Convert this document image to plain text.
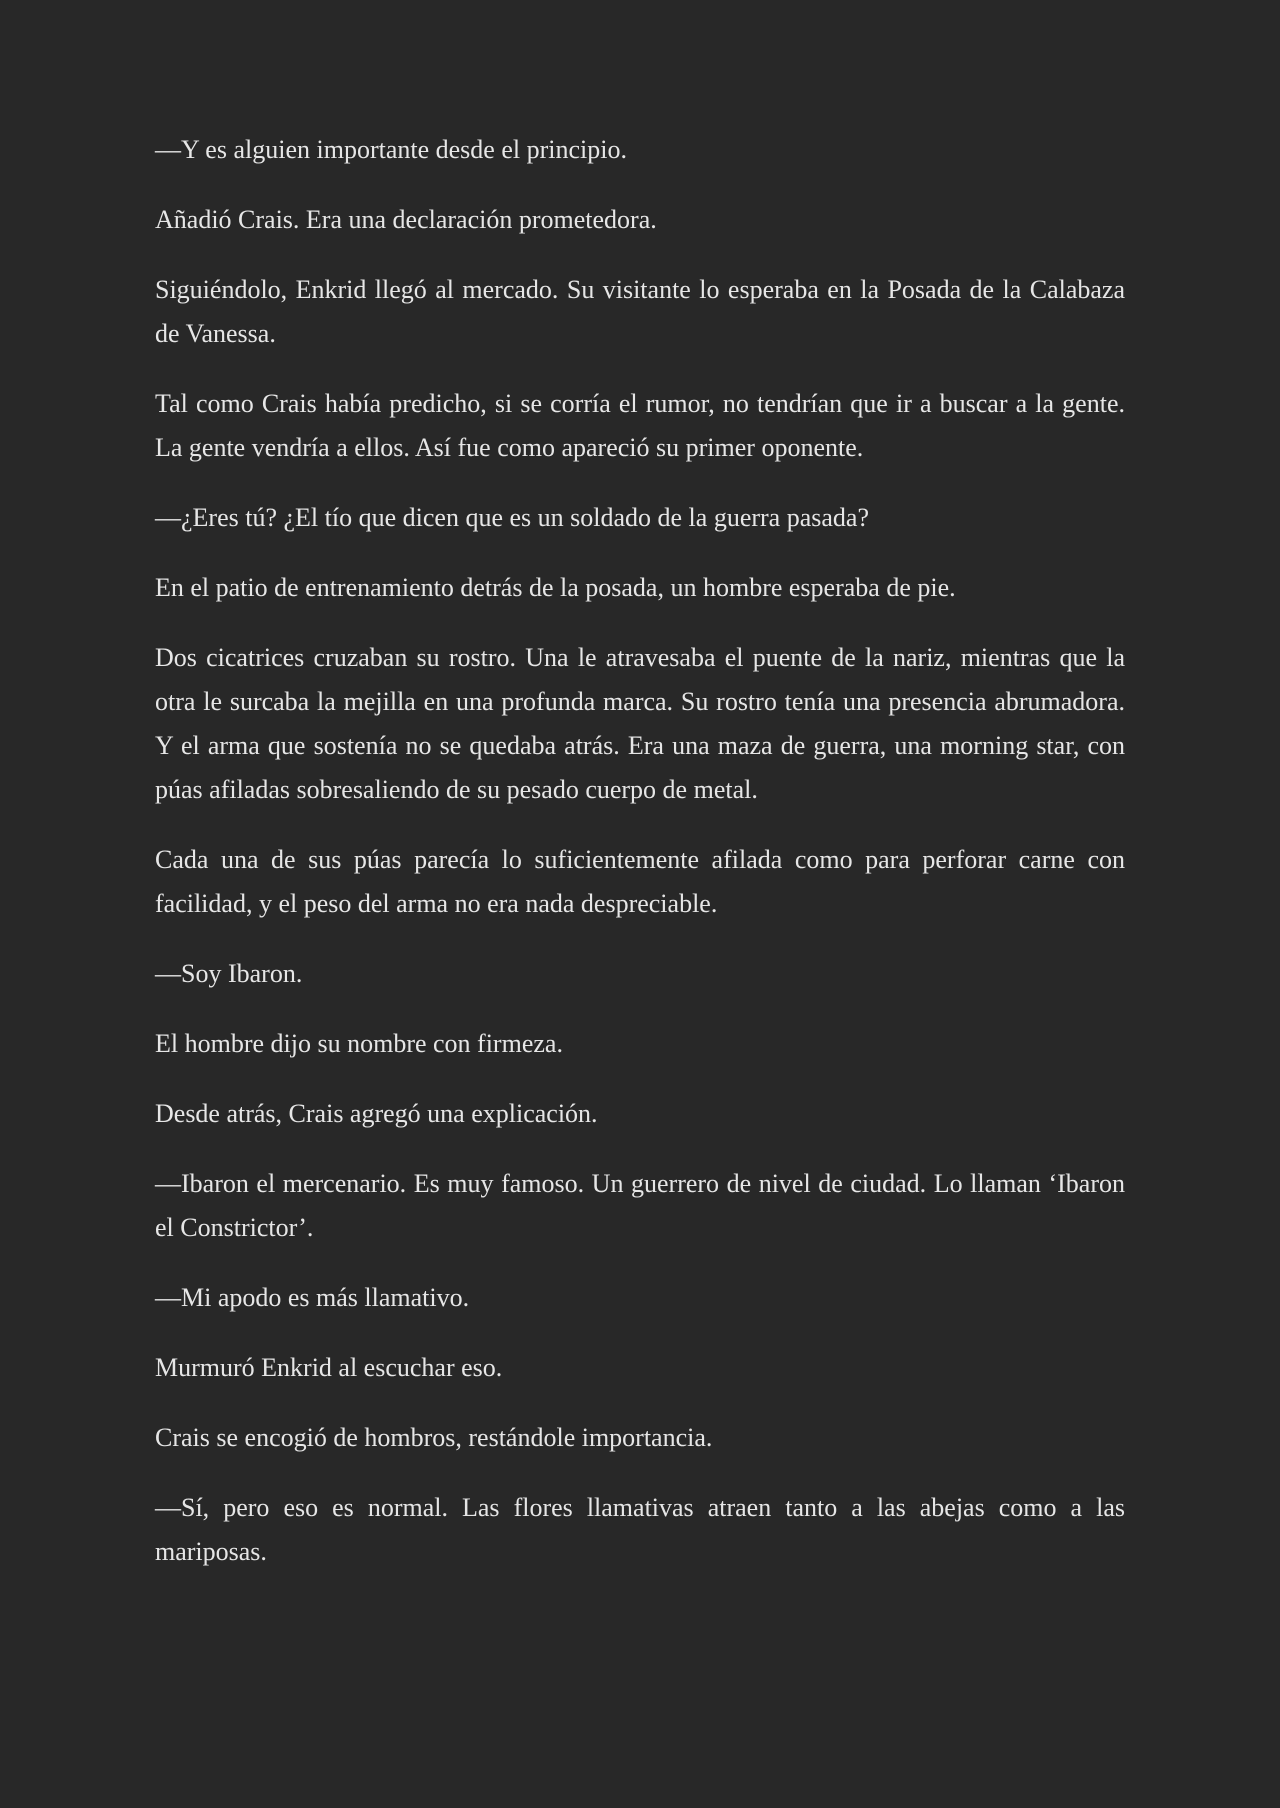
—Y es alguien importante desde el principio.

Añadió Crais. Era una declaración prometedora.

Siguiéndolo, Enkrid llegó al mercado. Su visitante lo esperaba en la Posada de la Calabaza de Vanessa.

Tal como Crais había predicho, si se corría el rumor, no tendrían que ir a buscar a la gente. La gente vendría a ellos. Así fue como apareció su primer oponente.

—¿Eres tú? ¿El tío que dicen que es un soldado de la guerra pasada?

En el patio de entrenamiento detrás de la posada, un hombre esperaba de pie.

Dos cicatrices cruzaban su rostro. Una le atravesaba el puente de la nariz, mientras que la otra le surcaba la mejilla en una profunda marca. Su rostro tenía una presencia abrumadora. Y el arma que sostenía no se quedaba atrás. Era una maza de guerra, una morning star, con púas afiladas sobresaliendo de su pesado cuerpo de metal.

Cada una de sus púas parecía lo suficientemente afilada como para perforar carne con facilidad, y el peso del arma no era nada despreciable.

—Soy Ibaron.

El hombre dijo su nombre con firmeza.

Desde atrás, Crais agregó una explicación.

—Ibaron el mercenario. Es muy famoso. Un guerrero de nivel de ciudad. Lo llaman ‘Ibaron el Constrictor’.

—Mi apodo es más llamativo.

Murmuró Enkrid al escuchar eso.

Crais se encogió de hombros, restándole importancia.

—Sí, pero eso es normal. Las flores llamativas atraen tanto a las abejas como a las mariposas.
